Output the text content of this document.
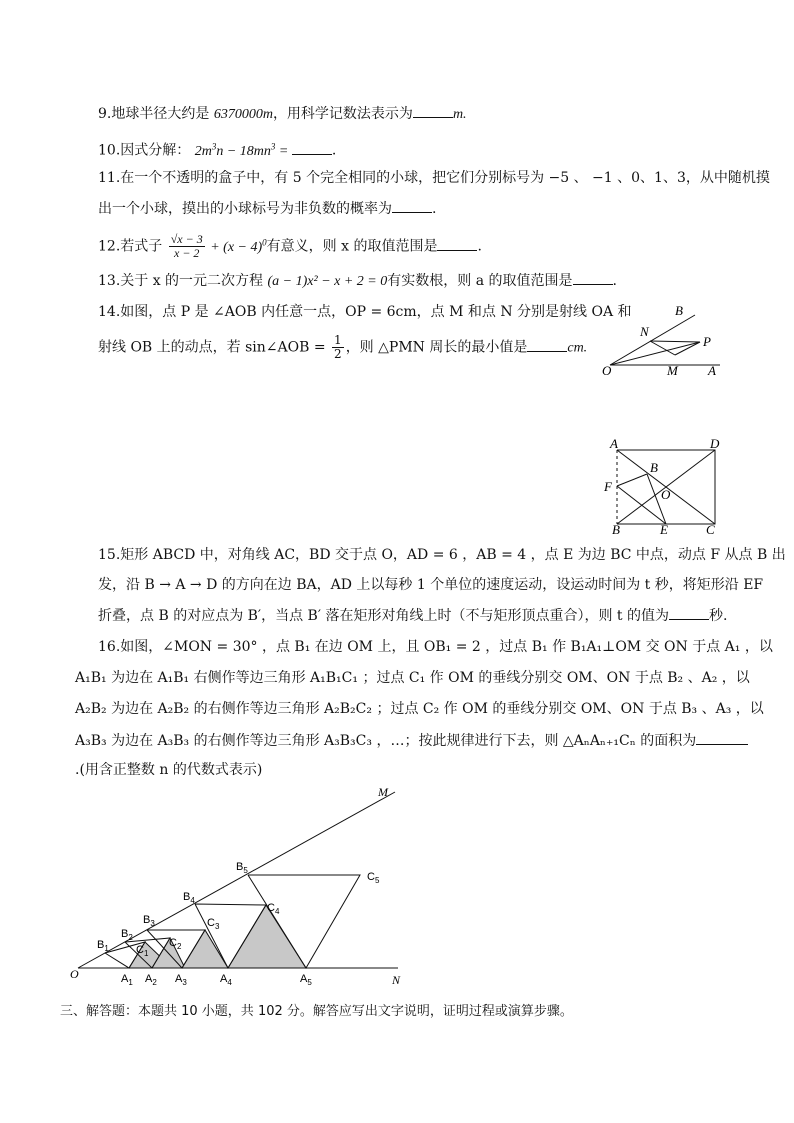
9.地球半径大约是 6370000m，用科学记数法表示为	m.
10.因式分解： $2m^3n - 18mn^3$ =	.
11.在一个不透明的盒子中，有 5 个完全相同的小球，把它们分别标号为 −5 、 −1 、0、1、3，从中随机摸
出一个小球，摸出的小球标号为非负数的概率为	.
12.若式子 $\frac{√x - 3}{x - 2} + (x - 4)^0$有意义，则 x 的取值范围是	.
13.关于 x 的一元二次方程 (a − 1)x² − x + 2 = 0有实数根，则 a 的取值范围是	.
14.如图，点 P 是 ∠AOB 内任意一点，OP = 6cm，点 M 和点 N 分别是射线 OA 和
射线 OB 上的动点，若 sin∠AOB = $\frac{1}{2}$ ，则 △PMN 周长的最小值是	cm.
O	A
B
M
N
P
A	D
B	C
E
F
O
B
15.矩形 ABCD 中，对角线 AC，BD 交于点 O，AD = 6 ，AB = 4 ，点 E 为边 BC 中点，动点 F 从点 B 出
发，沿 B → A → D 的方向在边 BA，AD 上以每秒 1 个单位的速度运动，设运动时间为 t 秒，将矩形沿 EF
折叠，点 B 的对应点为 B′，当点 B′ 落在矩形对角线上时（不与矩形顶点重合），则 t 的值为	秒.
16.如图，∠MON = 30° ，点 B₁ 在边 OM 上，且 OB₁ = 2 ，过点 B₁ 作 B₁A₁⊥OM 交 ON 于点 A₁ ，以
A₁B₁ 为边在 A₁B₁ 右侧作等边三角形 A₁B₁C₁ ；过点 C₁ 作 OM 的垂线分别交 OM、ON 于点 B₂ 、A₂ ，以
A₂B₂ 为边在 A₂B₂ 的右侧作等边三角形 A₂B₂C₂ ；过点 C₂ 作 OM 的垂线分别交 OM、ON 于点 B₃ 、A₃ ，以
A₃B₃ 为边在 A₃B₃ 的右侧作等边三角形 A₃B₃C₃ ，…；按此规律进行下去，则 △AₙAₙ₊₁Cₙ 的面积为
.(用含正整数 n 的代数式表示)
O
M
N
$B_1$
$B_2$
$B_3$
$B_4$
$B_5$
$A_1$ $A_2$ $A_3$	$A_4$	$A_5$
$C_1$
$C_2$
$C_3$
$C_4$
$C_5$
三、解答题：本题共 10 小题，共 102 分。解答应写出文字说明，证明过程或演算步骤。
